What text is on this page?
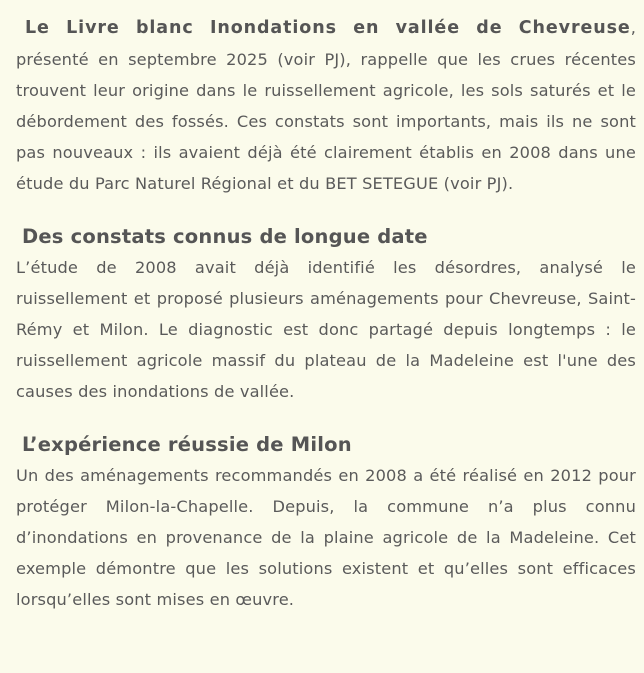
Le Livre blanc Inondations en vallée de Chevreuse, présenté en septembre 2025 (voir PJ), rappelle que les crues récentes trouvent leur origine dans le ruissellement agricole, les sols saturés et le débordement des fossés. Ces constats sont importants, mais ils ne sont pas nouveaux : ils avaient déjà été clairement établis en 2008 dans une étude du Parc Naturel Régional et du BET SETEGUE (voir PJ).

Des constats connus de longue date

L’étude de 2008 avait déjà identifié les désordres, analysé le ruissellement et proposé plusieurs aménagements pour Chevreuse, Saint-Rémy et Milon. Le diagnostic est donc partagé depuis longtemps : le ruissellement agricole massif du plateau de la Madeleine est l'une des causes des inondations de vallée.

L’expérience réussie de Milon

Un des aménagements recommandés en 2008 a été réalisé en 2012 pour protéger Milon-la-Chapelle. Depuis, la commune n’a plus connu d’inondations en provenance de la plaine agricole de la Madeleine. Cet exemple démontre que les solutions existent et qu’elles sont efficaces lorsqu’elles sont mises en œuvre.
